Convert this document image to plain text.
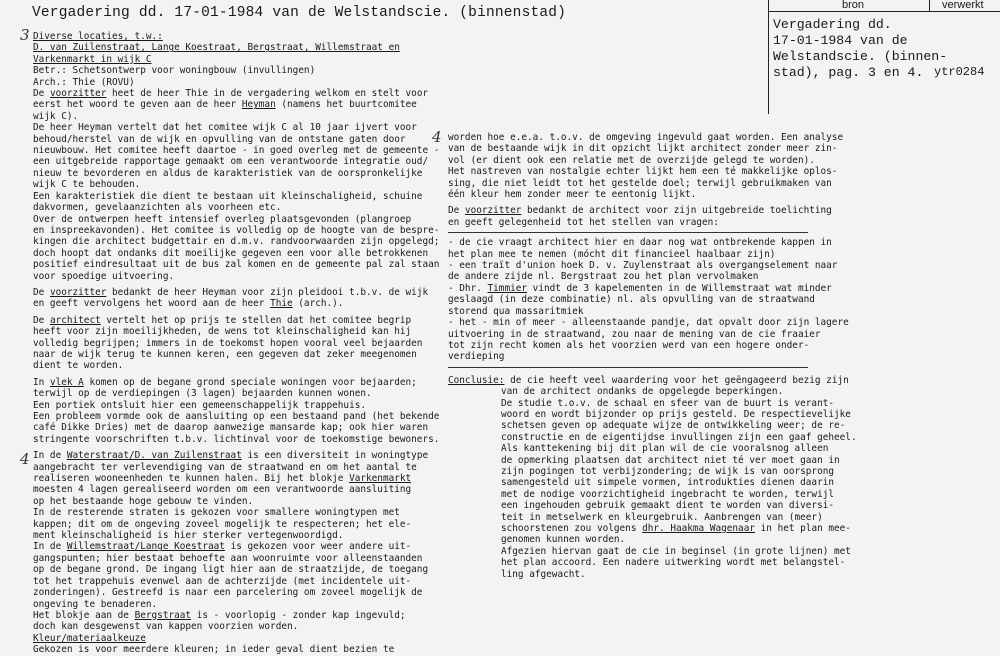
Vergadering dd. 17-01-1984 van de Welstandscie. (binnenstad)	bron	verwerkt
Vergadering dd.
17-01-1984 van de
Welstandscie. (binnen-
stad), pag. 3 en 4. ytr0284
3
4
4
Diverse locaties, t.w.:
D. van Zuilenstraat, Lange Koestraat, Bergstraat, Willemstraat en
Varkenmarkt in wijk C
Betr.: Schetsontwerp voor woningbouw (invullingen)
Arch.: Thie (ROVU)
De voorzitter heet de heer Thie in de vergadering welkom en stelt voor
eerst het woord te geven aan de heer Heyman (namens het buurtcomitee
wijk C).
De heer Heyman vertelt dat het comitee wijk C al 10 jaar ijvert voor
behoud/herstel van de wijk en opvulling van de ontstane gaten door
nieuwbouw. Het comitee heeft daartoe - in goed overleg met de gemeente -
een uitgebreide rapportage gemaakt om een verantwoorde integratie oud/
nieuw te bevorderen en aldus de karakteristiek van de oorspronkelijke
wijk C te behouden.
Een karakteristiek die dient te bestaan uit kleinschaligheid, schuine
dakvormen, gevelaanzichten als voorheen etc.
Over de ontwerpen heeft intensief overleg plaatsgevonden (plangroep
en inspreekavonden). Het comitee is volledig op de hoogte van de bespre-
kingen die architect budgettair en d.m.v. randvoorwaarden zijn opgelegd;
doch hoopt dat ondanks dit moeilijke gegeven een voor alle betrokkenen
positief eindresultaat uit de bus zal komen en de gemeente pal zal staan
voor spoedige uitvoering.
De voorzitter bedankt de heer Heyman voor zijn pleidooi t.b.v. de wijk
en geeft vervolgens het woord aan de heer Thie (arch.).
De architect vertelt het op prijs te stellen dat het comitee begrip
heeft voor zijn moeilijkheden, de wens tot kleinschaligheid kan hij
volledig begrijpen; immers in de toekomst hopen vooral veel bejaarden
naar de wijk terug te kunnen keren, een gegeven dat zeker meegenomen
dient te worden.
In vlek A komen op de begane grond speciale woningen voor bejaarden;
terwijl op de verdiepingen (3 lagen) bejaarden kunnen wonen.
Een portiek ontsluit hier een gemeenschappelijk trappehuis.
Een probleem vormde ook de aansluiting op een bestaand pand (het bekende
café Dikke Dries) met de daarop aanwezige mansarde kap; ook hier waren
stringente voorschriften t.b.v. lichtinval voor de toekomstige bewoners.
In de Waterstraat/D. van Zuilenstraat is een diversiteit in woningtype
aangebracht ter verlevendiging van de straatwand en om het aantal te
realiseren wooneenheden te kunnen halen. Bij het blokje Varkenmarkt
moesten 4 lagen gerealiseerd worden om een verantwoorde aansluiting
op het bestaande hoge gebouw te vinden.
In de resterende straten is gekozen voor smallere woningtypen met
kappen; dit om de ongeving zoveel mogelijk te respecteren; het ele-
ment kleinschaligheid is hier sterker vertegenwoordigd.
In de Willemstraat/Lange Koestraat is gekozen voor weer andere uit-
gangspunten; hier bestaat behoefte aan woonruimte voor alleenstaanden
op de begane grond. De ingang ligt hier aan de straatzijde, de toegang
tot het trappehuis evenwel aan de achterzijde (met incidentele uit-
zonderingen). Gestreefd is naar een parcelering om zoveel mogelijk de
ongeving te benaderen.
Het blokje aan de Bergstraat is - voorlopig - zonder kap ingevuld;
doch kan desgewenst van kappen voorzien worden.
Kleur/materiaalkeuze
Gekozen is voor meerdere kleuren; in ieder geval dient bezien te
worden hoe e.e.a. t.o.v. de omgeving ingevuld gaat worden. Een analyse
van de bestaande wijk in dit opzicht lijkt architect zonder meer zin-
vol (er dient ook een relatie met de overzijde gelegd te worden).
Het nastreven van nostalgie echter lijkt hem een té makkelijke oplos-
sing, die niet leidt tot het gestelde doel; terwijl gebruikmaken van
één kleur hem zonder meer te eentonig lijkt.
De voorzitter bedankt de architect voor zijn uitgebreide toelichting
en geeft gelegenheid tot het stellen van vragen:
- de cie vraagt architect hier en daar nog wat ontbrekende kappen in
het plan mee te nemen (mócht dit financieel haalbaar zijn)
- een traït d'union hoek D. v. Zuylenstraat als overgangselement naar
de andere zijde nl. Bergstraat zou het plan vervolmaken
- Dhr. Timmier vindt de 3 kapelementen in de Willemstraat wat minder
geslaagd (in deze combinatie) nl. als opvulling van de straatwand
storend qua massaritmiek
- het - min of meer - alleenstaande pandje, dat opvalt door zijn lagere
uitvoering in de straatwand, zou naar de mening van de cie fraaier
tot zijn recht komen als het voorzien werd van een hogere onder-
verdieping
Conclusie: de cie heeft veel waardering voor het geëngageerd bezig zijn
van de architect ondanks de opgelegde beperkingen.
De studie t.o.v. de schaal en sfeer van de buurt is verant-
woord en wordt bijzonder op prijs gesteld. De respectievelijke
schetsen geven op adequate wijze de ontwikkeling weer; de re-
constructie en de eigentijdse invullingen zijn een gaaf geheel.
Als kanttekening bij dit plan wil de cie vooralsnog alleen
de opmerking plaatsen dat architect niet té ver moet gaan in
zijn pogingen tot verbijzondering; de wijk is van oorsprong
samengesteld uit simpele vormen, introdukties dienen daarin
met de nodige voorzichtigheid ingebracht te worden, terwijl
een ingehouden gebruik gemaakt dient te worden van diversi-
teit in metselwerk en kleurgebruik. Aanbrengen van (meer)
schoorstenen zou volgens dhr. Haakma Wagenaar in het plan mee-
genomen kunnen worden.
Afgezien hiervan gaat de cie in beginsel (in grote lijnen) met
het plan accoord. Een nadere uitwerking wordt met belangstel-
ling afgewacht.
